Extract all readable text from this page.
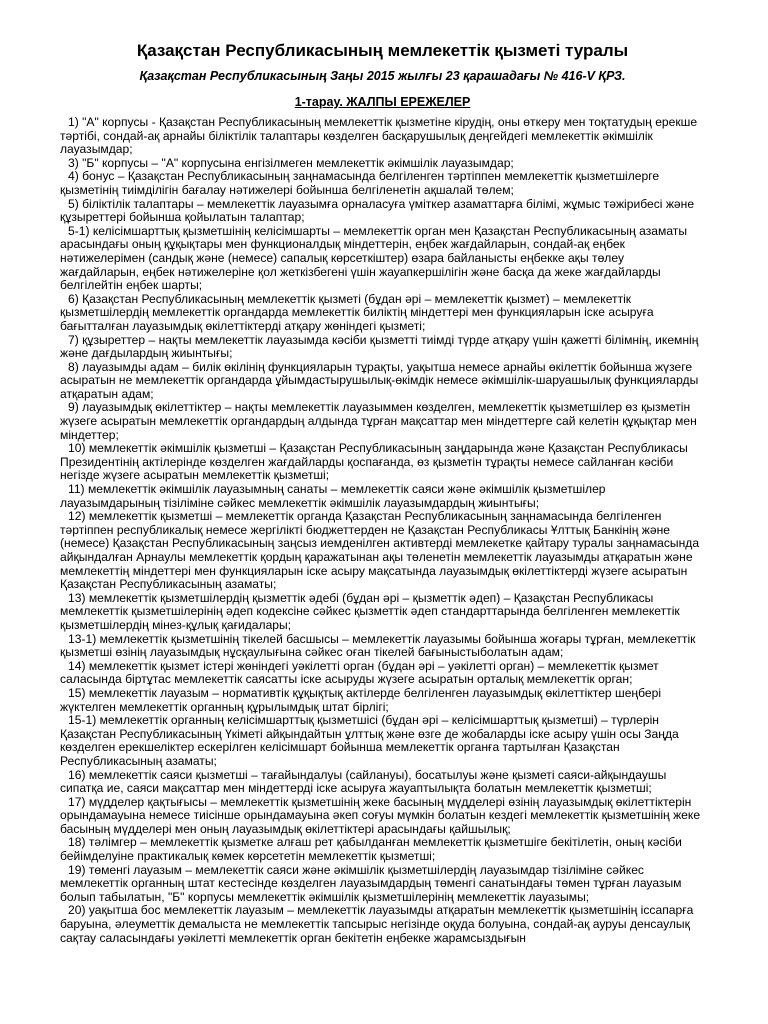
Қазақстан Республикасының мемлекеттік қызметі туралы

Қазақстан Республикасының Заңы 2015 жылғы 23 қарашадағы № 416-V ҚРЗ.

1-тарау. ЖАЛПЫ ЕРЕЖЕЛЕР

1) "А" корпусы - Қазақстан Республикасының мемлекеттік қызметіне кірудің, оны өткеру мен тоқтатудың ерекше тәртібі, сондай-ақ арнайы біліктілік талаптары көзделген басқарушылық деңгейдегі мемлекеттік әкімшілік лауазымдар;

3) "Б" корпусы – "А" корпусына енгізілмеген мемлекеттік әкімшілік лауазымдар;

4) бонус – Қазақстан Республикасының заңнамасында белгіленген тәртіппен мемлекеттік қызметшілерге қызметінің тиімділігін бағалау нәтижелері бойынша белгіленетін ақшалай төлем;

5) біліктілік талаптары – мемлекеттік лауазымға орналасуға үміткер азаматтарға білімі, жұмыс тәжірибесі және құзыреттері бойынша қойылатын талаптар;

5-1) келісімшарттық қызметшінің келісімшарты – мемлекеттік орган мен Қазақстан Республикасының азаматы арасындағы оның құқықтары мен функционалдық міндеттерін, еңбек жағдайларын, сондай-ақ еңбек нәтижелерімен (сандық және (немесе) сапалық көрсеткіштер) өзара байланысты еңбекке ақы төлеу жағдайларын, еңбек нәтижелеріне қол жеткізбегені үшін жауапкершілігін және басқа да жеке жағдайларды белгілейтін еңбек шарты;

6) Қазақстан Республикасының мемлекеттік қызметі (бұдан әрі – мемлекеттік қызмет) – мемлекеттік қызметшілердің мемлекеттік органдарда мемлекеттік биліктің міндеттері мен функцияларын іске асыруға бағытталған лауазымдық өкілеттіктерді атқару жөніндегі қызметі;

7) құзыреттер – нақты мемлекеттік лауазымда кәсіби қызметті тиімді түрде атқару үшін қажетті білімнің, икемнің және дағдылардың жиынтығы;

8) лауазымды адам – билік өкілінің функцияларын тұрақты, уақытша немесе арнайы өкілеттік бойынша жүзеге асыратын не мемлекеттік органдарда ұйымдастырушылық-өкімдік немесе әкімшілік-шаруашылық функцияларды атқаратын адам;

9) лауазымдық өкілеттіктер – нақты мемлекеттік лауазыммен көзделген, мемлекеттік қызметшілер өз қызметін жүзеге асыратын мемлекеттік органдардың алдында тұрған мақсаттар мен міндеттерге сай келетін құқықтар мен міндеттер;

10) мемлекеттік әкімшілік қызметші – Қазақстан Республикасының заңдарында және Қазақстан Республикасы Президентінің актілерінде көзделген жағдайларды қоспағанда, өз қызметін тұрақты немесе сайланған кәсіби негізде жүзеге асыратын мемлекеттік қызметші;

11) мемлекеттік әкімшілік лауазымның санаты – мемлекеттік саяси және әкімшілік қызметшілер лауазымдарының тізіліміне сәйкес мемлекеттік әкімшілік лауазымдардың жиынтығы;

12) мемлекеттік қызметші – мемлекеттік органда Қазақстан Республикасының заңнамасында белгіленген тәртіппен республикалық немесе жергілікті бюджеттерден не Қазақстан Республикасы Ұлттық Банкінің және (немесе) Қазақстан Республикасының заңсыз иемденілген активтерді мемлекетке қайтару туралы заңнамасында айқындалған Арнаулы мемлекеттік қордың қаражатынан ақы төленетін мемлекеттік лауазымды атқаратын және мемлекеттің міндеттері мен функцияларын іске асыру мақсатында лауазымдық өкілеттіктерді жүзеге асыратын Қазақстан Республикасының азаматы;

13) мемлекеттік қызметшілердің қызметтік әдебі (бұдан әрі – қызметтік әдеп) – Қазақстан Республикасы мемлекеттік қызметшілерінің әдеп кодексіне сәйкес қызметтік әдеп стандарттарында белгіленген мемлекеттік қызметшілердің мінез-құлық қағидалары;

13-1) мемлекеттік қызметшінің тікелей басшысы – мемлекеттік лауазымы бойынша жоғары тұрған, мемлекеттік қызметші өзінің лауазымдық нұсқаулығына сәйкес оған тікелей бағыныстыболатын адам;

14) мемлекеттік қызмет істері жөніндегі уәкілетті орган (бұдан әрі – уәкілетті орган) – мемлекеттік қызмет саласында біртұтас мемлекеттік саясатты іске асыруды жүзеге асыратын орталық мемлекеттік орган;

15) мемлекеттік лауазым – нормативтік құқықтық актілерде белгіленген лауазымдық өкілеттіктер шеңбері жүктелген мемлекеттік органның құрылымдық штат бірлігі;

15-1) мемлекеттік органның келісімшарттық қызметшісі (бұдан әрі – келісімшарттық қызметші) – түрлерін Қазақстан Республикасының Үкіметі айқындайтын ұлттық және өзге де жобаларды іске асыру үшін осы Заңда көзделген ерекшеліктер ескерілген келісімшарт бойынша мемлекеттік органға тартылған Қазақстан Республикасының азаматы;

16) мемлекеттік саяси қызметші – тағайындалуы (сайлануы), босатылуы және қызметі саяси-айқындаушы сипатқа ие, саяси мақсаттар мен міндеттерді іске асыруға жауаптылықта болатын мемлекеттік қызметші;

17) мүдделер қақтығысы – мемлекеттік қызметшінің жеке басының мүдделері өзінің лауазымдық өкілеттіктерін орындамауына немесе тиісінше орындамауына әкеп соғуы мүмкін болатын кездегі мемлекеттік қызметшінің жеке басының мүдделері мен оның лауазымдық өкілеттіктері арасындағы қайшылық;

18) тәлімгер – мемлекеттік қызметке алғаш рет қабылданған мемлекеттік қызметшіге бекітілетін, оның кәсіби бейімделуіне практикалық көмек көрсететін мемлекеттік қызметші;

19) төменгі лауазым – мемлекеттік саяси және әкімшілік қызметшілердің лауазымдар тізіліміне сәйкес мемлекеттік органның штат кестесінде көзделген лауазымдардың төменгі санатындағы төмен тұрған лауазым болып табылатын, "Б" корпусы мемлекеттік әкімшілік қызметшілерінің мемлекеттік лауазымы;

20) уақытша бос мемлекеттік лауазым – мемлекеттік лауазымды атқаратын мемлекеттік қызметшінің іссапарға баруына, әлеуметтік демалыста не мемлекеттік тапсырыс негізінде оқуда болуына, сондай-ақ ауруы денсаулық сақтау саласындағы уәкілетті мемлекеттік орган бекітетін еңбекке жарамсыздығын
